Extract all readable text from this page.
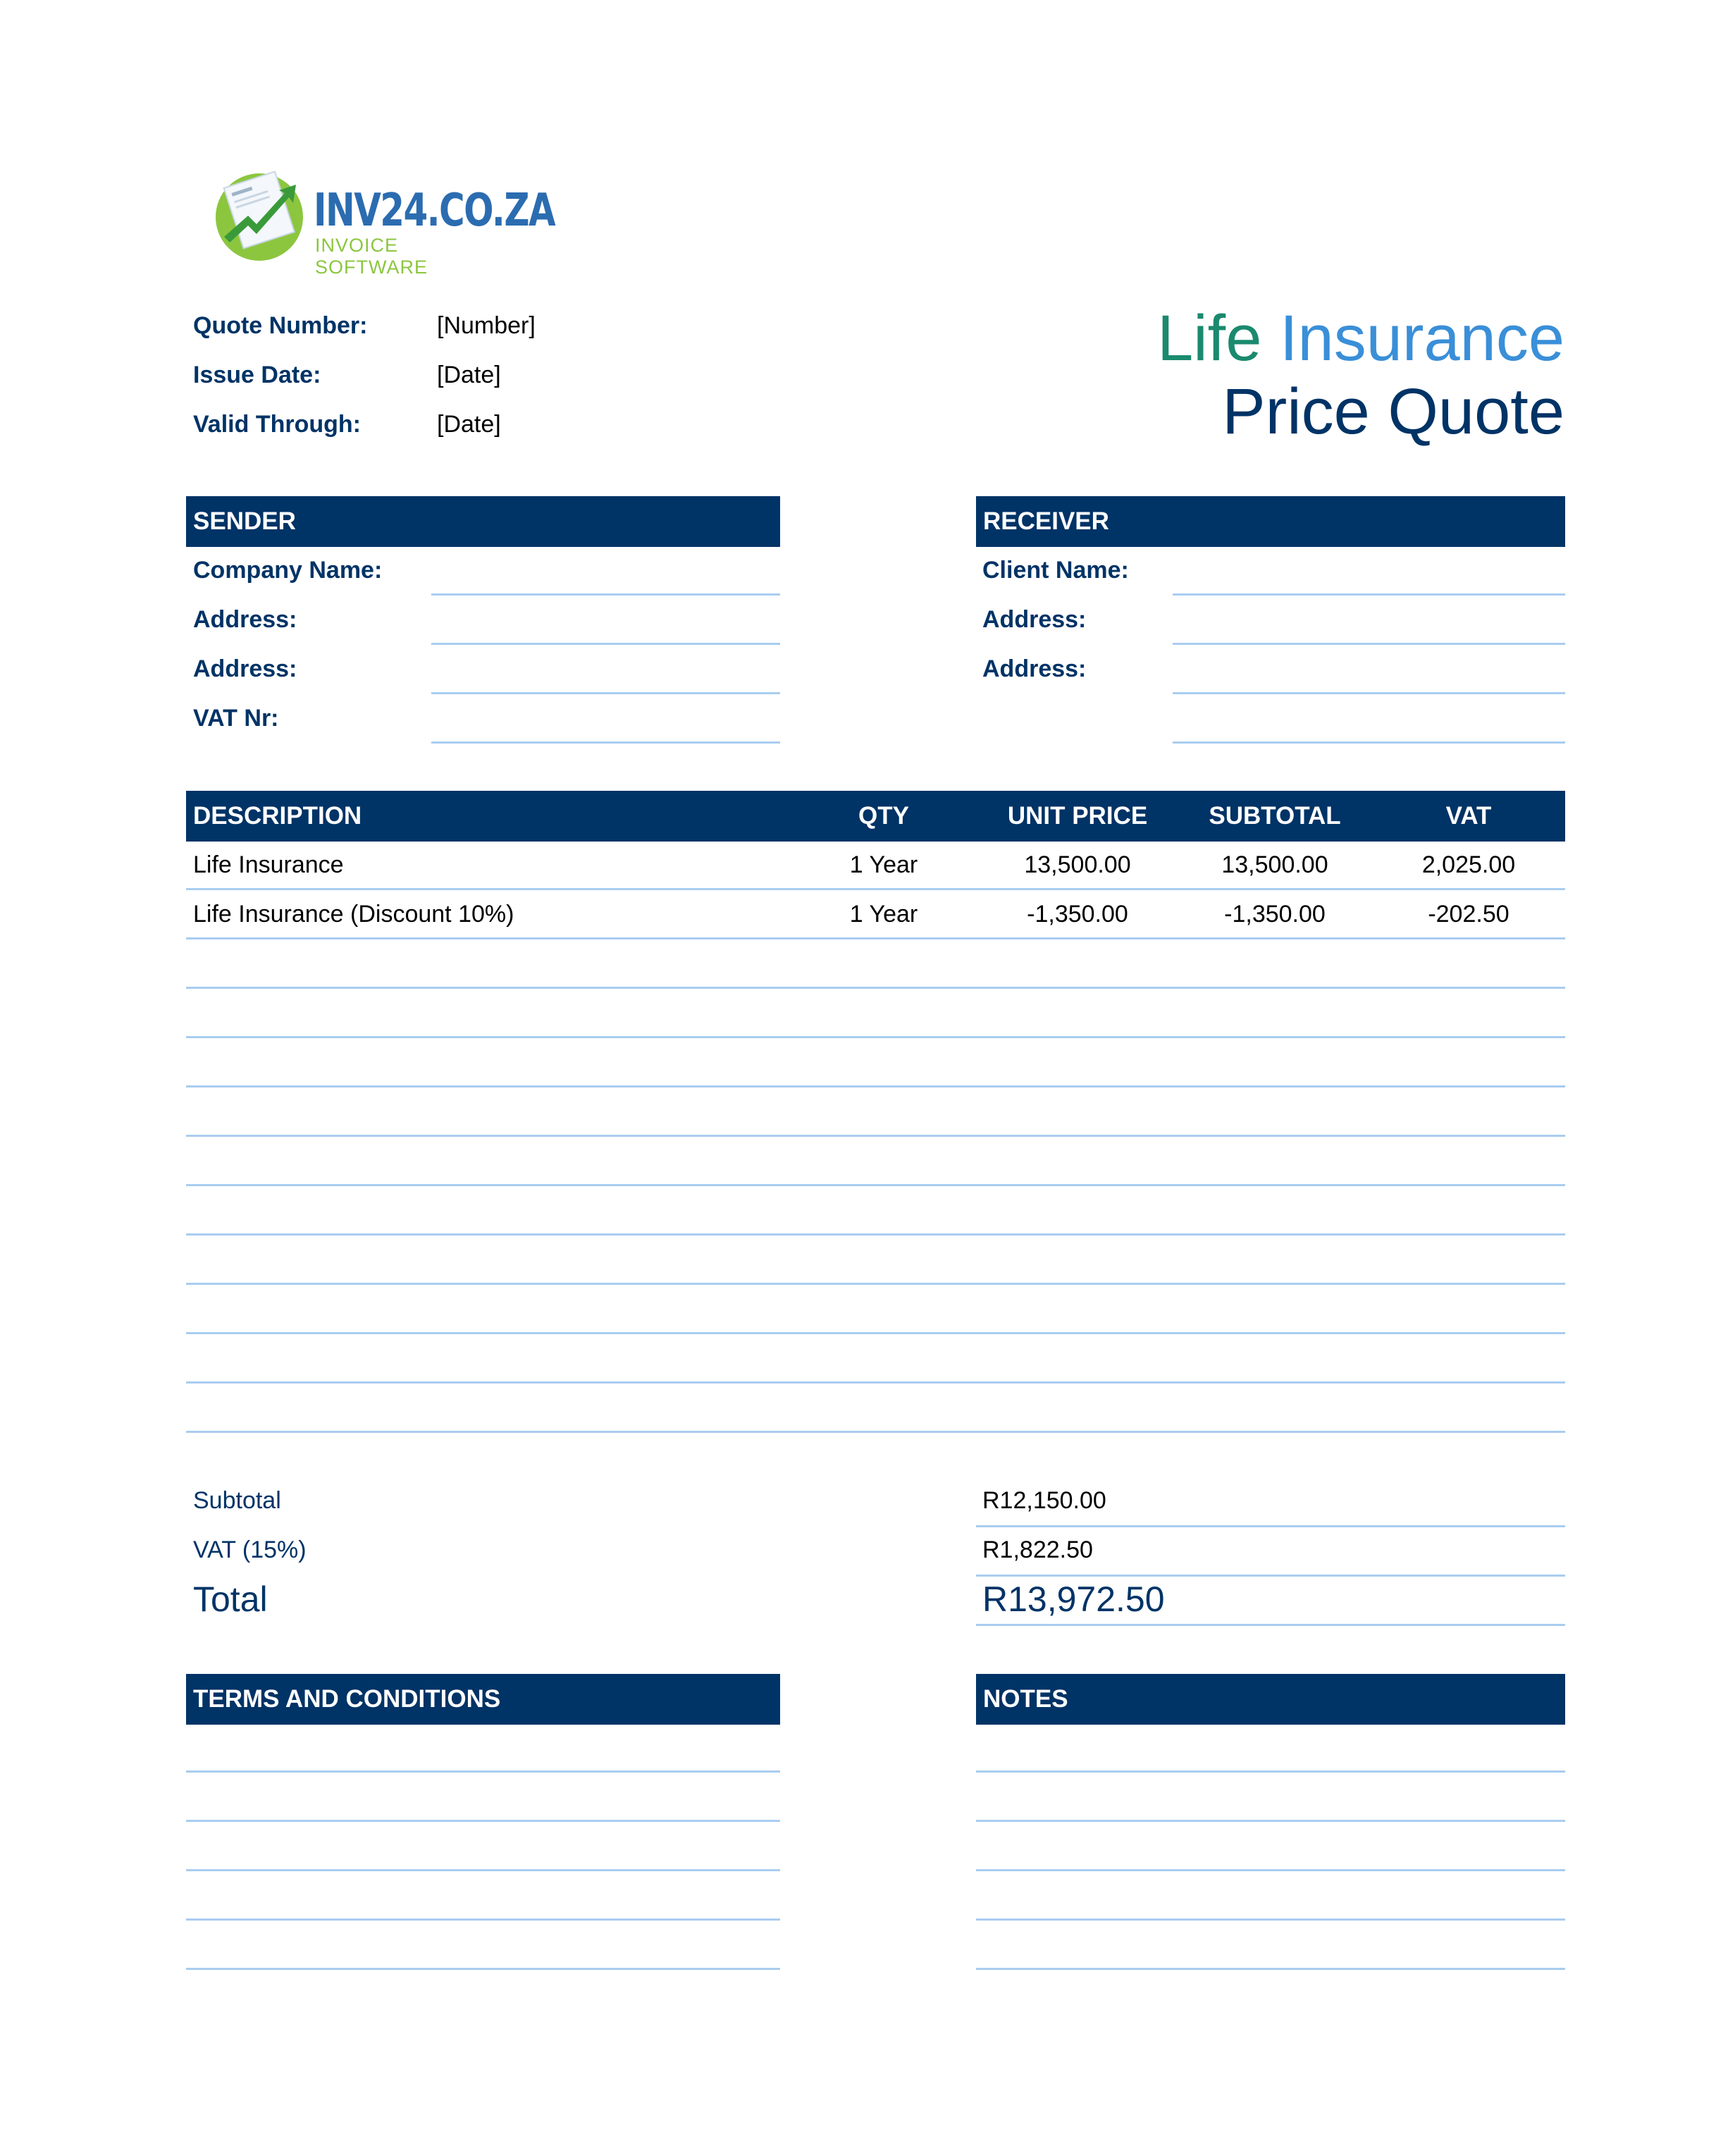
INV24.CO.ZA
INVOICE SOFTWARE
Quote Number:	[Number]
Issue Date:	[Date]
Valid Through:	[Date]
Life Insurance
Price Quote
SENDER
Company Name:
Address:
Address:
VAT Nr:
RECEIVER
Client Name:
Address:
Address:
DESCRIPTION	QTY	UNIT PRICE	SUBTOTAL	VAT
Life Insurance	1 Year	13,500.00	13,500.00	2,025.00
Life Insurance (Discount 10%)	1 Year	-1,350.00	-1,350.00	-202.50
Subtotal	R12,150.00
VAT (15%)	R1,822.50
Total	R13,972.50
TERMS AND CONDITIONS	NOTES
